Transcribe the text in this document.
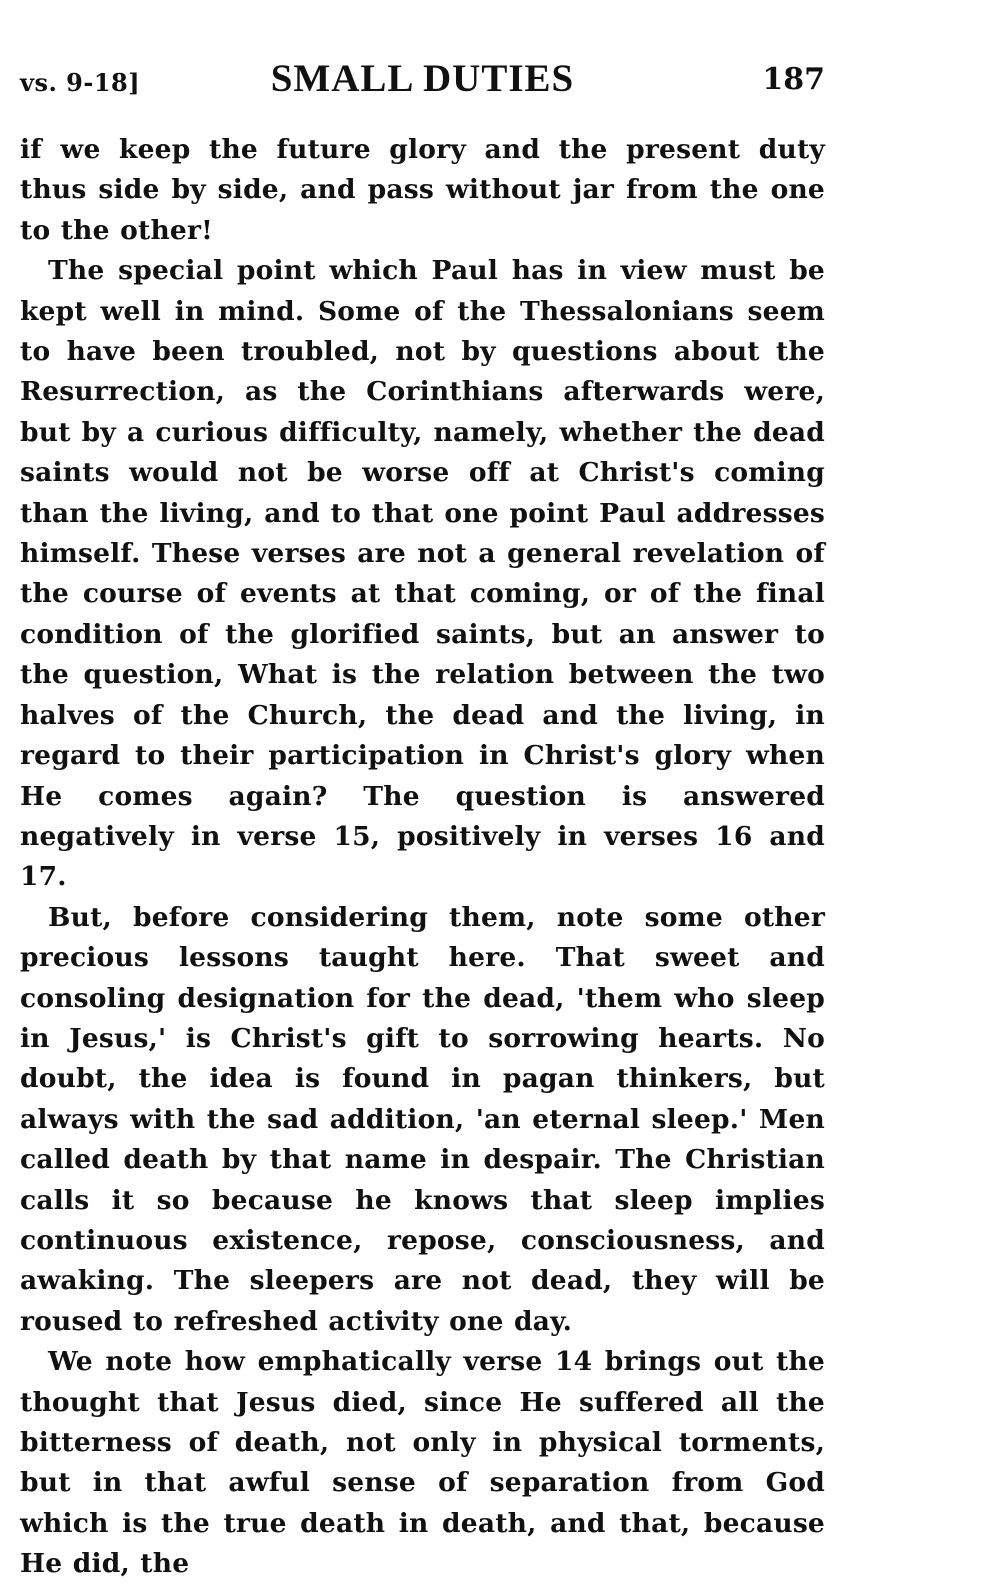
vs. 9-18]	SMALL DUTIES	187

if we keep the future glory and the present duty thus side by side, and pass without jar from the one to the other!

The special point which Paul has in view must be kept well in mind. Some of the Thessalonians seem to have been troubled, not by questions about the Resurrection, as the Corinthians afterwards were, but by a curious difficulty, namely, whether the dead saints would not be worse off at Christ's coming than the living, and to that one point Paul addresses himself. These verses are not a general revelation of the course of events at that coming, or of the final condition of the glorified saints, but an answer to the question, What is the relation between the two halves of the Church, the dead and the living, in regard to their participation in Christ's glory when He comes again? The question is answered negatively in verse 15, positively in verses 16 and 17.

But, before considering them, note some other precious lessons taught here. That sweet and consoling designation for the dead, 'them who sleep in Jesus,' is Christ's gift to sorrowing hearts. No doubt, the idea is found in pagan thinkers, but always with the sad addition, 'an eternal sleep.' Men called death by that name in despair. The Christian calls it so because he knows that sleep implies continuous existence, repose, consciousness, and awaking. The sleepers are not dead, they will be roused to refreshed activity one day.

We note how emphatically verse 14 brings out the thought that Jesus died, since He suffered all the bitterness of death, not only in physical torments, but in that awful sense of separation from God which is the true death in death, and that, because He did, the
